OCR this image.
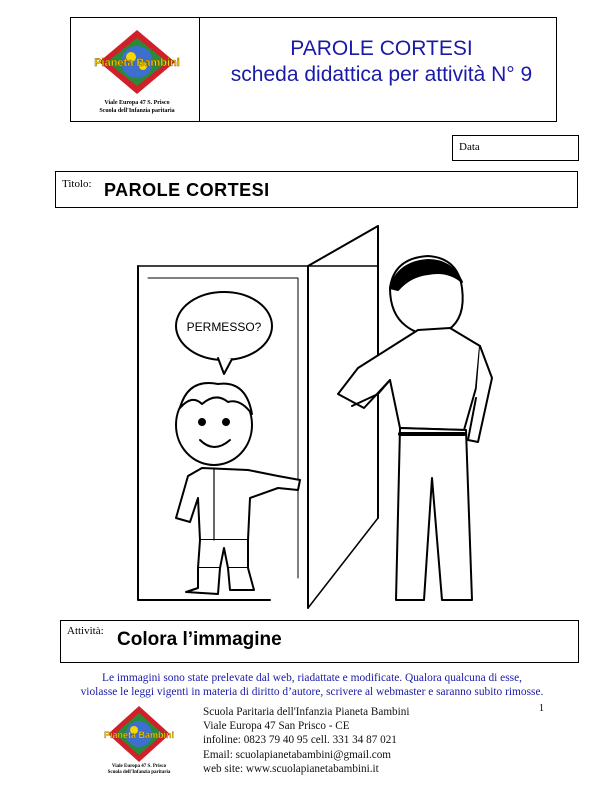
Pianeta Bambini
Viale Europa 47 S. Prisco
Scuola dell'Infanzia paritaria
PAROLE CORTESI
scheda didattica per attività N° 9
Data
Titolo: PAROLE CORTESI
PERMESSO?
Attività: Colora l’immagine
Le immagini sono state prelevate dal web, riadattate e modificate. Qualora qualcuna di esse,
violasse le leggi vigenti in materia di diritto d’autore, scrivere al webmaster e saranno subito rimosse.
Pianeta Bambini
Viale Europa 47 S. Prisco
Scuola dell'Infanzia paritaria
Scuola Paritaria dell'Infanzia Pianeta Bambini
Viale Europa 47 San Prisco - CE
infoline: 0823 79 40 95 cell. 331 34 87 021
Email: scuolapianetabambini@gmail.com
web site: www.scuolapianetabambini.it
1
